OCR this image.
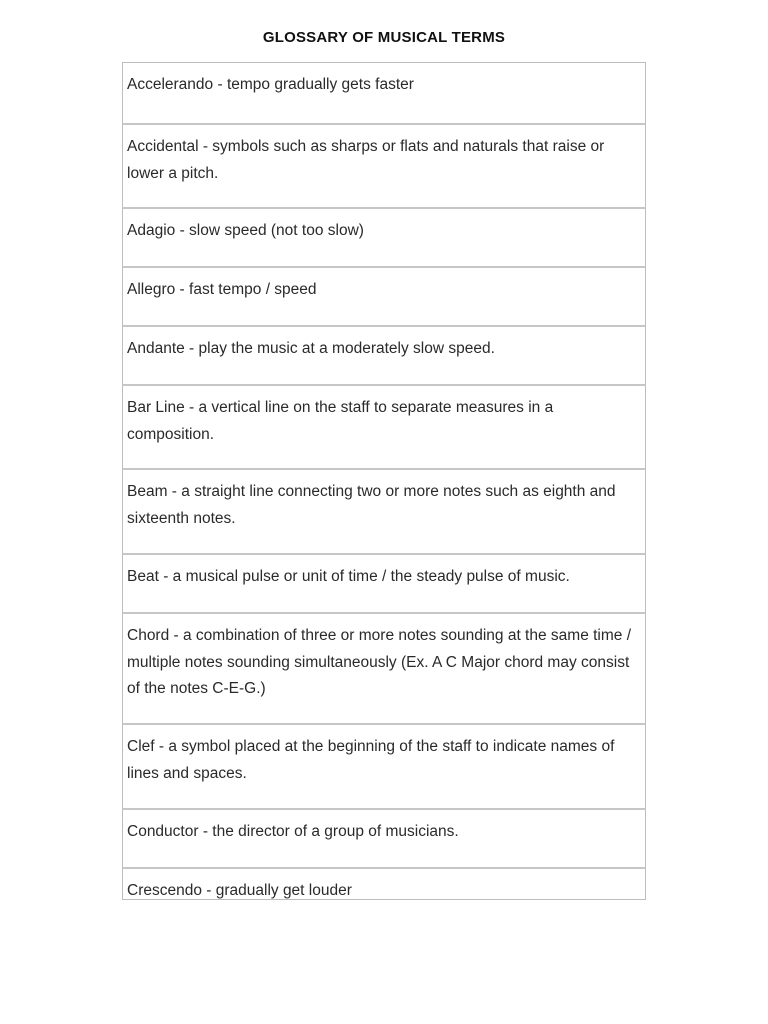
GLOSSARY OF MUSICAL TERMS
Accelerando - tempo gradually gets faster
Accidental - symbols such as sharps or flats and naturals that raise or lower a pitch.
Adagio - slow speed (not too slow)
Allegro - fast tempo / speed
Andante - play the music at a moderately slow speed.
Bar Line - a vertical line on the staff to separate measures in a composition.
Beam - a straight line connecting two or more notes such as eighth and sixteenth notes.
Beat - a musical pulse or unit of time / the steady pulse of music.
Chord - a combination of three or more notes sounding at the same time / multiple notes sounding simultaneously (Ex. A C Major chord may consist of the notes C-E-G.)
Clef - a symbol placed at the beginning of the staff to indicate names of lines and spaces.
Conductor - the director of a group of musicians.
Crescendo - gradually get louder
